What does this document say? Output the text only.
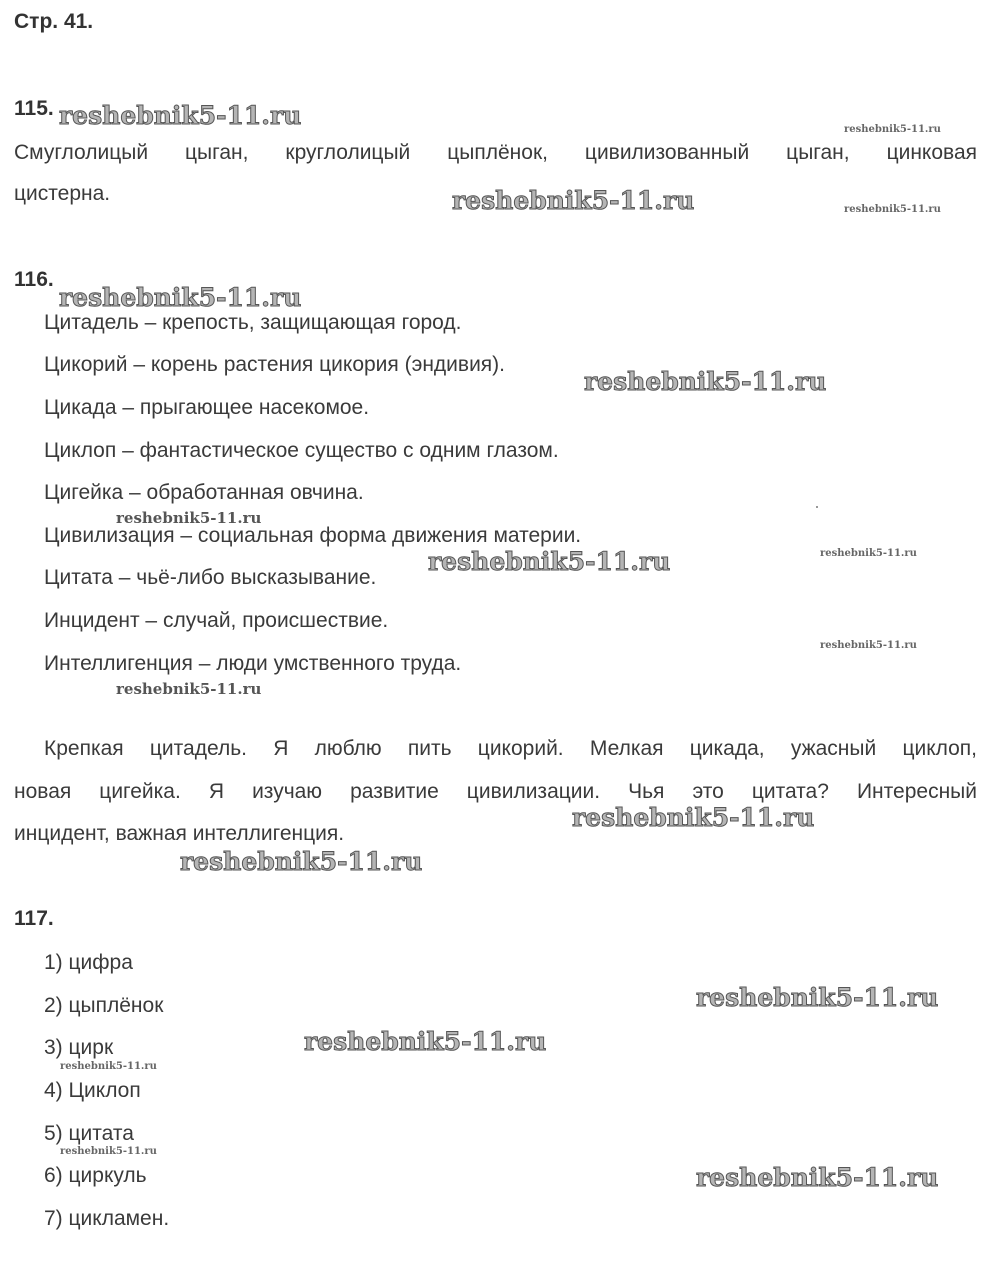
Стр. 41.
115.
Смуглолицый цыган, круглолицый цыплёнок, цивилизованный цыган, цинковая
цистерна.
116.
Цитадель – крепость, защищающая город.
Цикорий – корень растения цикория (эндивия).
Цикада – прыгающее насекомое.
Циклоп – фантастическое существо с одним глазом.
Цигейка – обработанная овчина.
Цивилизация – социальная форма движения материи.
Цитата – чьё-либо высказывание.
Инцидент – случай, происшествие.
Интеллигенция – люди умственного труда.
Крепкая цитадель. Я люблю пить цикорий. Мелкая цикада, ужасный циклоп,
новая цигейка. Я изучаю развитие цивилизации. Чья это цитата? Интересный
инцидент, важная интеллигенция.
117.
1) цифра
2) цыплёнок
3) цирк
4) Циклоп
5) цитата
6) циркуль
7) цикламен.
reshebnik5-11.ru	reshebnik5-11.ru
reshebnik5-11.ru	reshebnik5-11.ru
reshebnik5-11.ru
reshebnik5-11.ru
reshebnik5-11.ru
reshebnik5-11.ru	reshebnik5-11.ru
reshebnik5-11.ru
reshebnik5-11.ru
reshebnik5-11.ru
reshebnik5-11.ru
reshebnik5-11.ru
reshebnik5-11.ru
reshebnik5-11.ru
reshebnik5-11.ru
reshebnik5-11.ru
